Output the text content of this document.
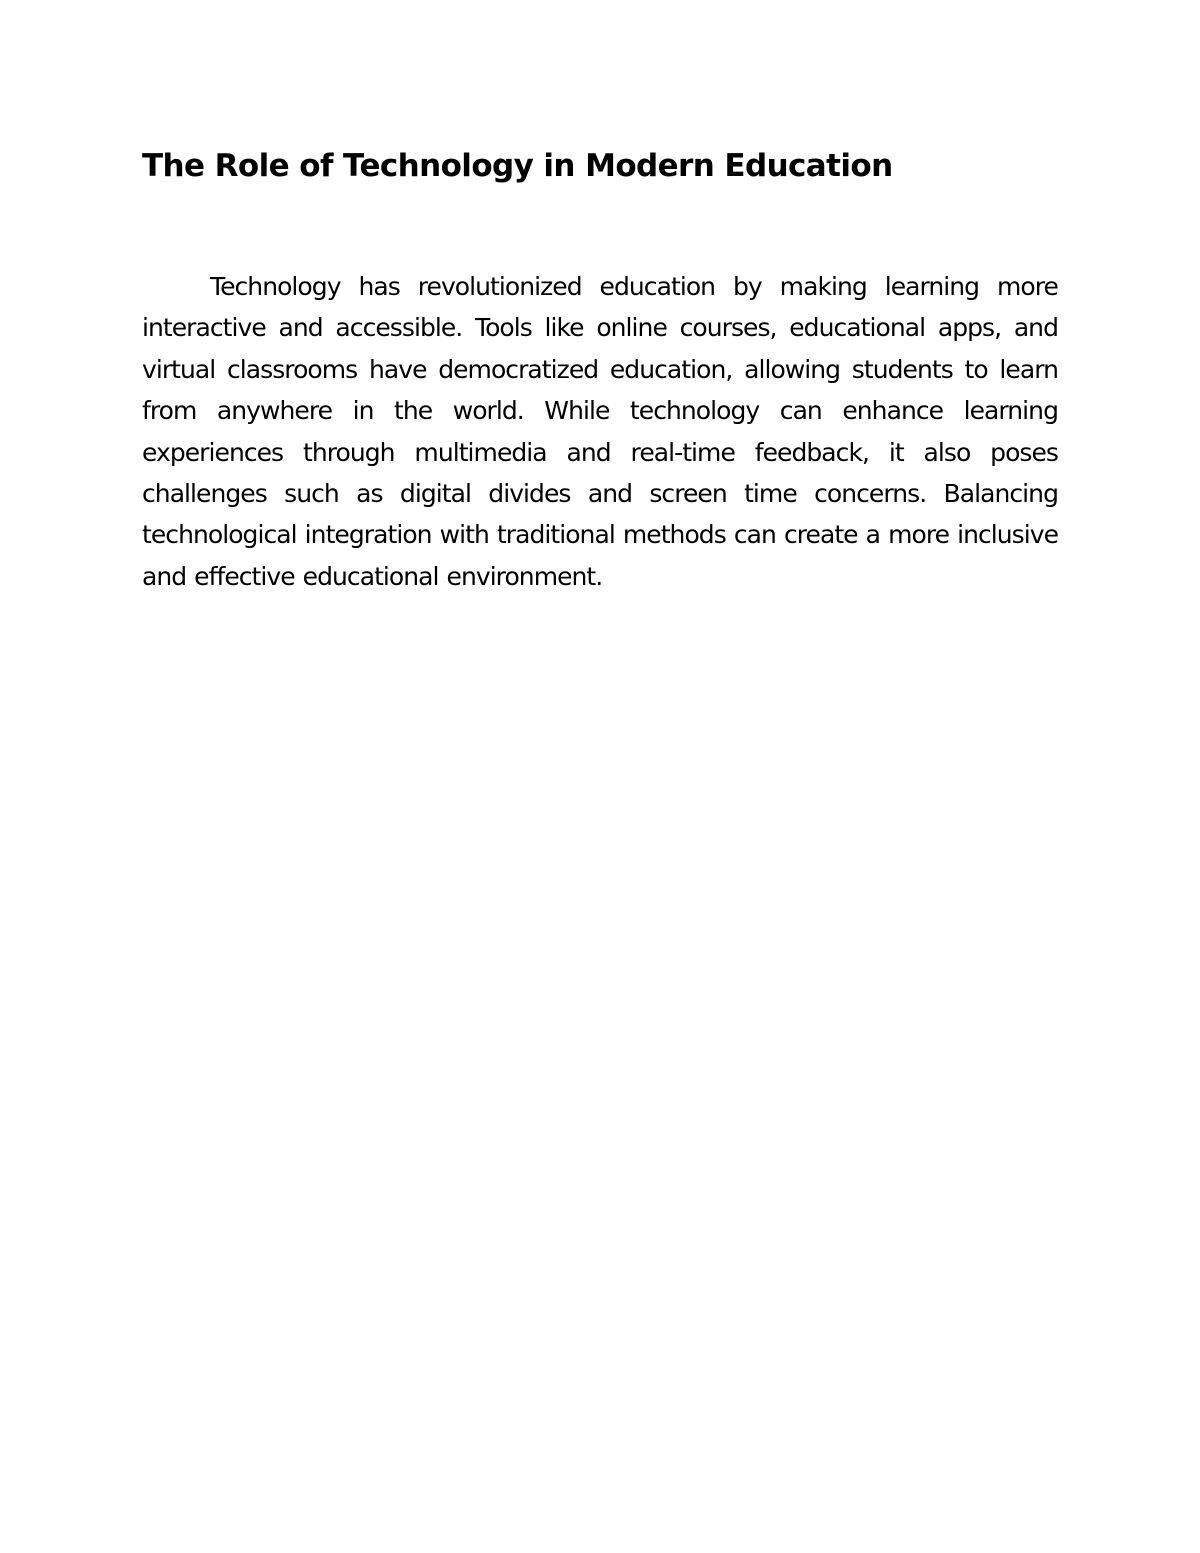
The Role of Technology in Modern Education

Technology has revolutionized education by making learning more interactive and accessible. Tools like online courses, educational apps, and virtual classrooms have democratized education, allowing students to learn from anywhere in the world. While technology can enhance learning experiences through multimedia and real-time feedback, it also poses challenges such as digital divides and screen time concerns. Balancing technological integration with traditional methods can create a more inclusive and effective educational environment.
